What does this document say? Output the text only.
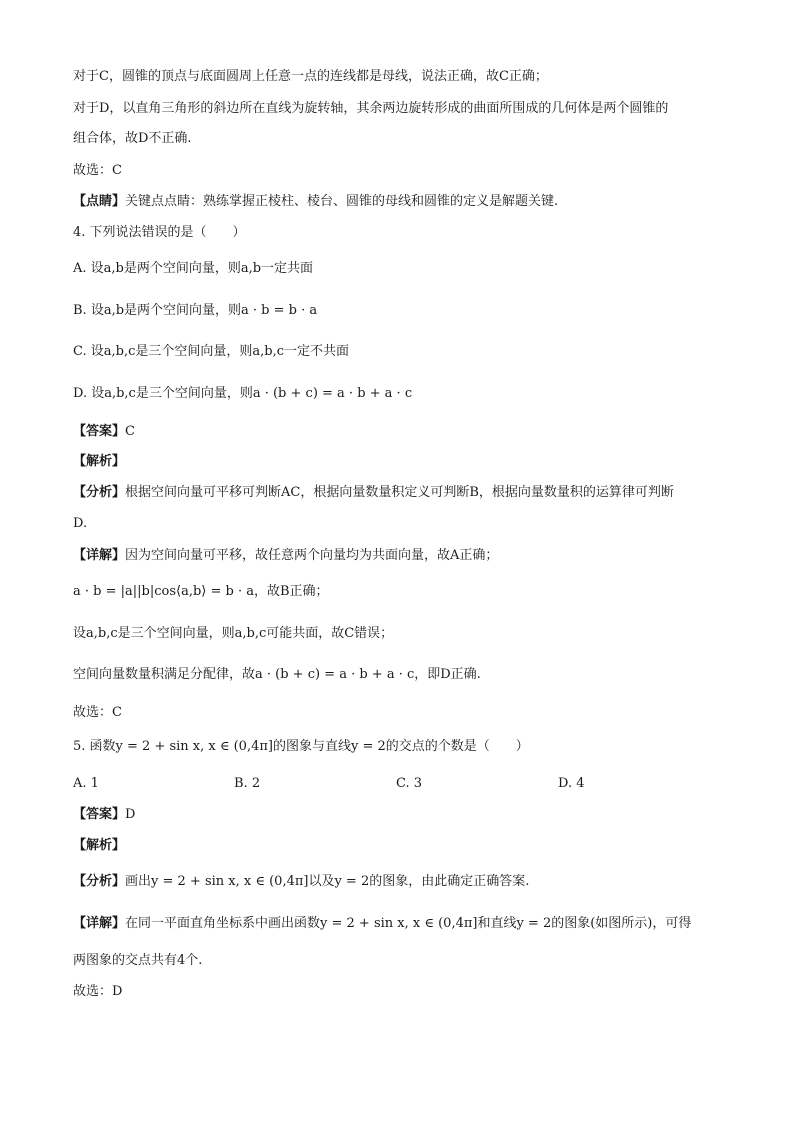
对于C，圆锥的顶点与底面圆周上任意一点的连线都是母线，说法正确，故C正确；
对于D，以直角三角形的斜边所在直线为旋转轴，其余两边旋转形成的曲面所围成的几何体是两个圆锥的
组合体，故D不正确.
故选：C
【点睛】关键点点睛：熟练掌握正棱柱、棱台、圆锥的母线和圆锥的定义是解题关键.
4. 下列说法错误的是（　　）
A. 设a,b是两个空间向量，则a,b一定共面
B. 设a,b是两个空间向量，则a · b = b · a
C. 设a,b,c是三个空间向量，则a,b,c一定不共面
D. 设a,b,c是三个空间向量，则a · (b + c) = a · b + a · c
【答案】C
【解析】
【分析】根据空间向量可平移可判断AC，根据向量数量积定义可判断B，根据向量数量积的运算律可判断
D.
【详解】因为空间向量可平移，故任意两个向量均为共面向量，故A正确；
a · b = |a||b|cos⟨a,b⟩ = b · a，故B正确；
设a,b,c是三个空间向量，则a,b,c可能共面，故C错误；
空间向量数量积满足分配律，故a · (b + c) = a · b + a · c，即D正确.
故选：C
5. 函数y = 2 + sin x, x ∈ (0,4π]的图象与直线y = 2的交点的个数是（　　）
A. 1	B. 2	C. 3	D. 4
【答案】D
【解析】
【分析】画出y = 2 + sin x, x ∈ (0,4π]以及y = 2的图象，由此确定正确答案.
【详解】在同一平面直角坐标系中画出函数y = 2 + sin x, x ∈ (0,4π]和直线y = 2的图象(如图所示)，可得
两图象的交点共有4个.
故选：D
